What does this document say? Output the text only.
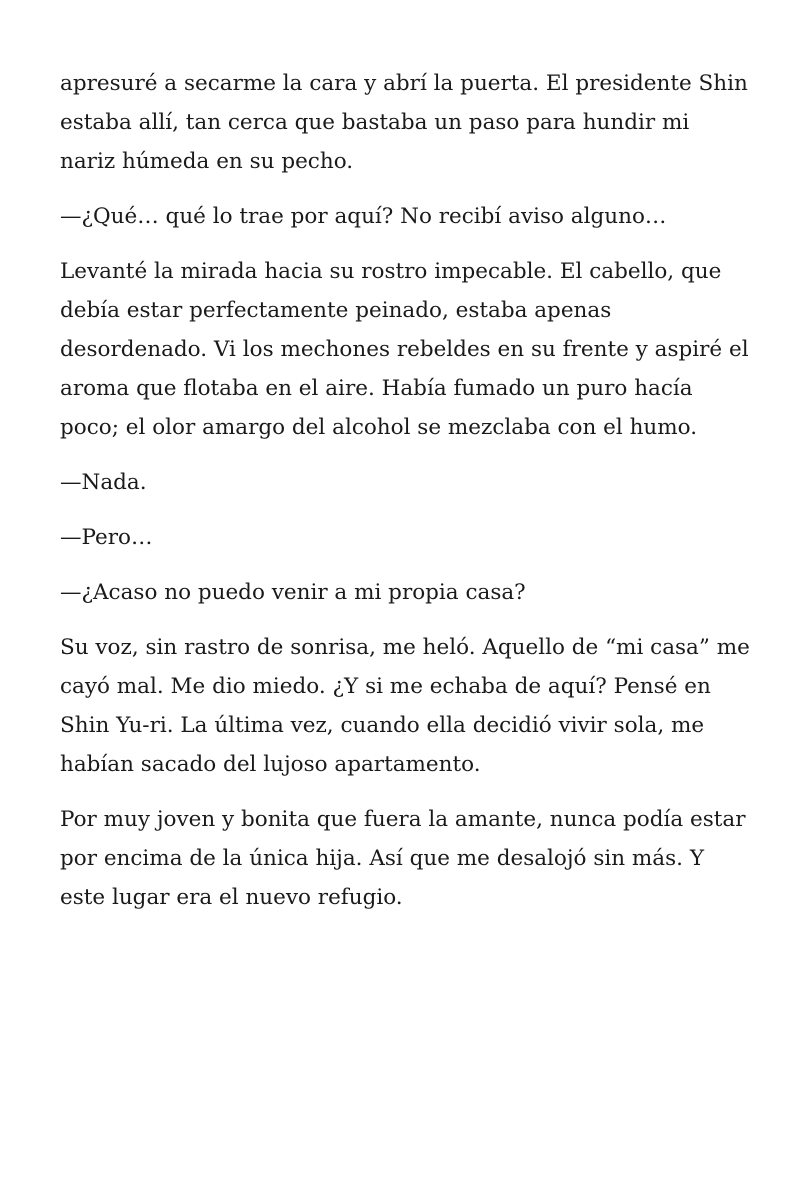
apresuré a secarme la cara y abrí la puerta. El presidente Shin estaba allí, tan cerca que bastaba un paso para hundir mi nariz húmeda en su pecho.

—¿Qué… qué lo trae por aquí? No recibí aviso alguno…

Levanté la mirada hacia su rostro impecable. El cabello, que debía estar perfectamente peinado, estaba apenas desordenado. Vi los mechones rebeldes en su frente y aspiré el aroma que flotaba en el aire. Había fumado un puro hacía poco; el olor amargo del alcohol se mezclaba con el humo.

—Nada.

—Pero…

—¿Acaso no puedo venir a mi propia casa?

Su voz, sin rastro de sonrisa, me heló. Aquello de “mi casa” me cayó mal. Me dio miedo. ¿Y si me echaba de aquí? Pensé en Shin Yu-ri. La última vez, cuando ella decidió vivir sola, me habían sacado del lujoso apartamento.

Por muy joven y bonita que fuera la amante, nunca podía estar por encima de la única hija. Así que me desalojó sin más. Y este lugar era el nuevo refugio.
